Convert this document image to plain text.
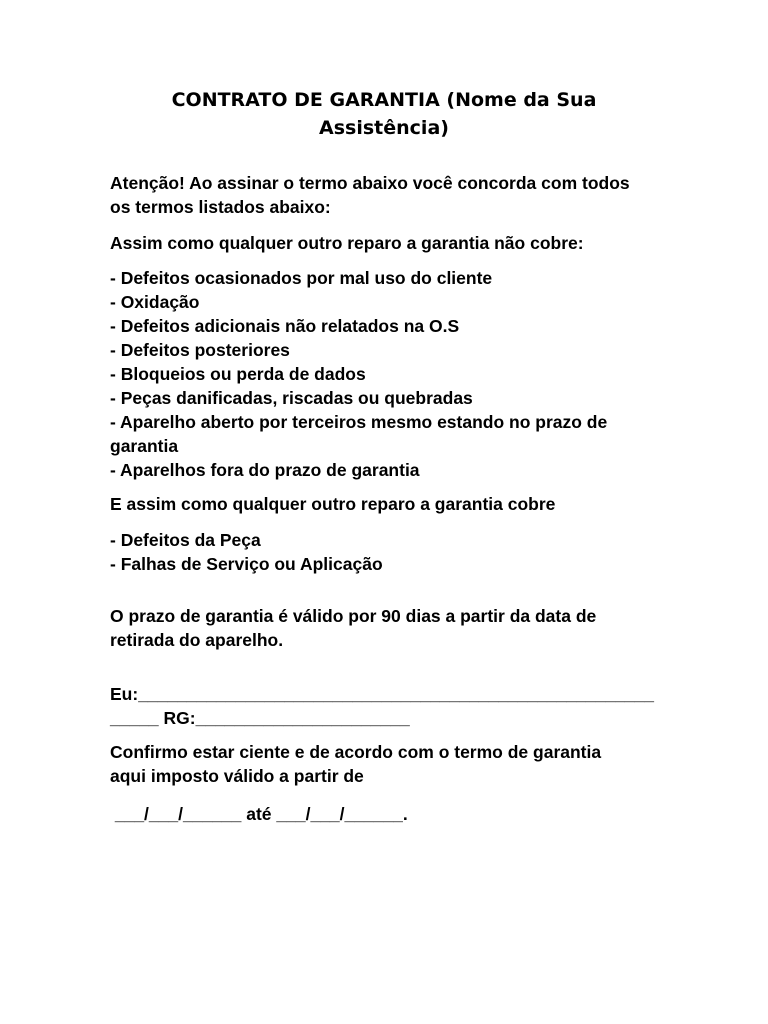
CONTRATO DE GARANTIA (Nome da Sua
Assistência)

Atenção! Ao assinar o termo abaixo você concorda com todos
os termos listados abaixo:

Assim como qualquer outro reparo a garantia não cobre:

- Defeitos ocasionados por mal uso do cliente
- Oxidação
- Defeitos adicionais não relatados na O.S
- Defeitos posteriores
- Bloqueios ou perda de dados
- Peças danificadas, riscadas ou quebradas
- Aparelho aberto por terceiros mesmo estando no prazo de
garantia
- Aparelhos fora do prazo de garantia

E assim como qualquer outro reparo a garantia cobre

- Defeitos da Peça
- Falhas de Serviço ou Aplicação

O prazo de garantia é válido por 90 dias a partir da data de
retirada do aparelho.

Eu:_____________________________________________________
_____ RG:______________________

Confirmo estar ciente e de acordo com o termo de garantia
aqui imposto válido a partir de

___/___/______ até ___/___/______.
